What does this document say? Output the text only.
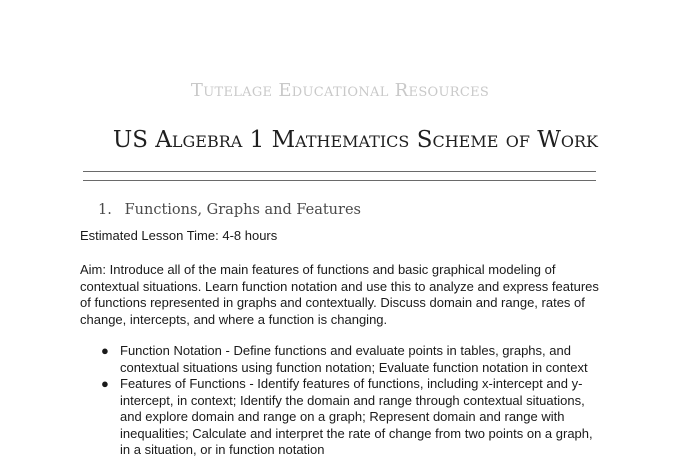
Tutelage Educational Resources
US Algebra 1 Mathematics Scheme of Work
1. Functions, Graphs and Features
Estimated Lesson Time: 4-8 hours
Aim: Introduce all of the main features of functions and basic graphical modeling of contextual situations. Learn function notation and use this to analyze and express features of functions represented in graphs and contextually. Discuss domain and range, rates of change, intercepts, and where a function is changing.
● Function Notation - Define functions and evaluate points in tables, graphs, and contextual situations using function notation; Evaluate function notation in context
● Features of Functions - Identify features of functions, including x-intercept and y-intercept, in context; Identify the domain and range through contextual situations, and explore domain and range on a graph; Represent domain and range with inequalities; Calculate and interpret the rate of change from two points on a graph, in a situation, or in function notation
